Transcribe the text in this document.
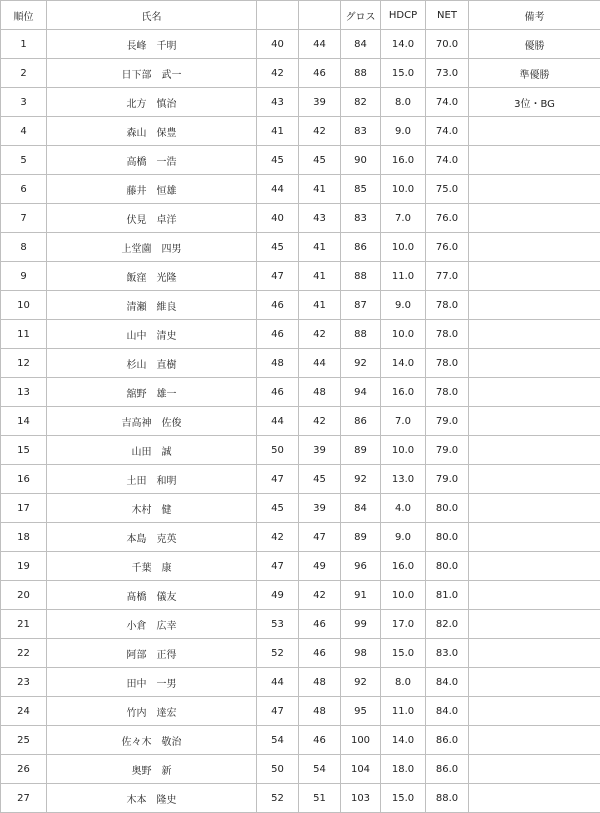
順位	氏名			グロス	HDCP	NET	備考
1	長峰　千明	40	44	84	14.0	70.0	優勝
2	日下部　武一	42	46	88	15.0	73.0	準優勝
3	北方　慎治	43	39	82	8.0	74.0	3位・BG
4	森山　保豊	41	42	83	9.0	74.0	
5	高橋　一浩	45	45	90	16.0	74.0	
6	藤井　恒雄	44	41	85	10.0	75.0	
7	伏見　卓洋	40	43	83	7.0	76.0	
8	上堂薗　四男	45	41	86	10.0	76.0	
9	飯窪　光隆	47	41	88	11.0	77.0	
10	清瀬　維良	46	41	87	9.0	78.0	
11	山中　清史	46	42	88	10.0	78.0	
12	杉山　直樹	48	44	92	14.0	78.0	
13	舘野　雄一	46	48	94	16.0	78.0	
14	吉高神　佐俊	44	42	86	7.0	79.0	
15	山田　誠	50	39	89	10.0	79.0	
16	土田　和明	47	45	92	13.0	79.0	
17	木村　健	45	39	84	4.0	80.0	
18	本島　克英	42	47	89	9.0	80.0	
19	千葉　康	47	49	96	16.0	80.0	
20	髙橋　儀友	49	42	91	10.0	81.0	
21	小倉　広幸	53	46	99	17.0	82.0	
22	阿部　正得	52	46	98	15.0	83.0	
23	田中　一男	44	48	92	8.0	84.0	
24	竹内　達宏	47	48	95	11.0	84.0	
25	佐々木　敬治	54	46	100	14.0	86.0	
26	奥野　新	50	54	104	18.0	86.0	
27	木本　隆史	52	51	103	15.0	88.0	
